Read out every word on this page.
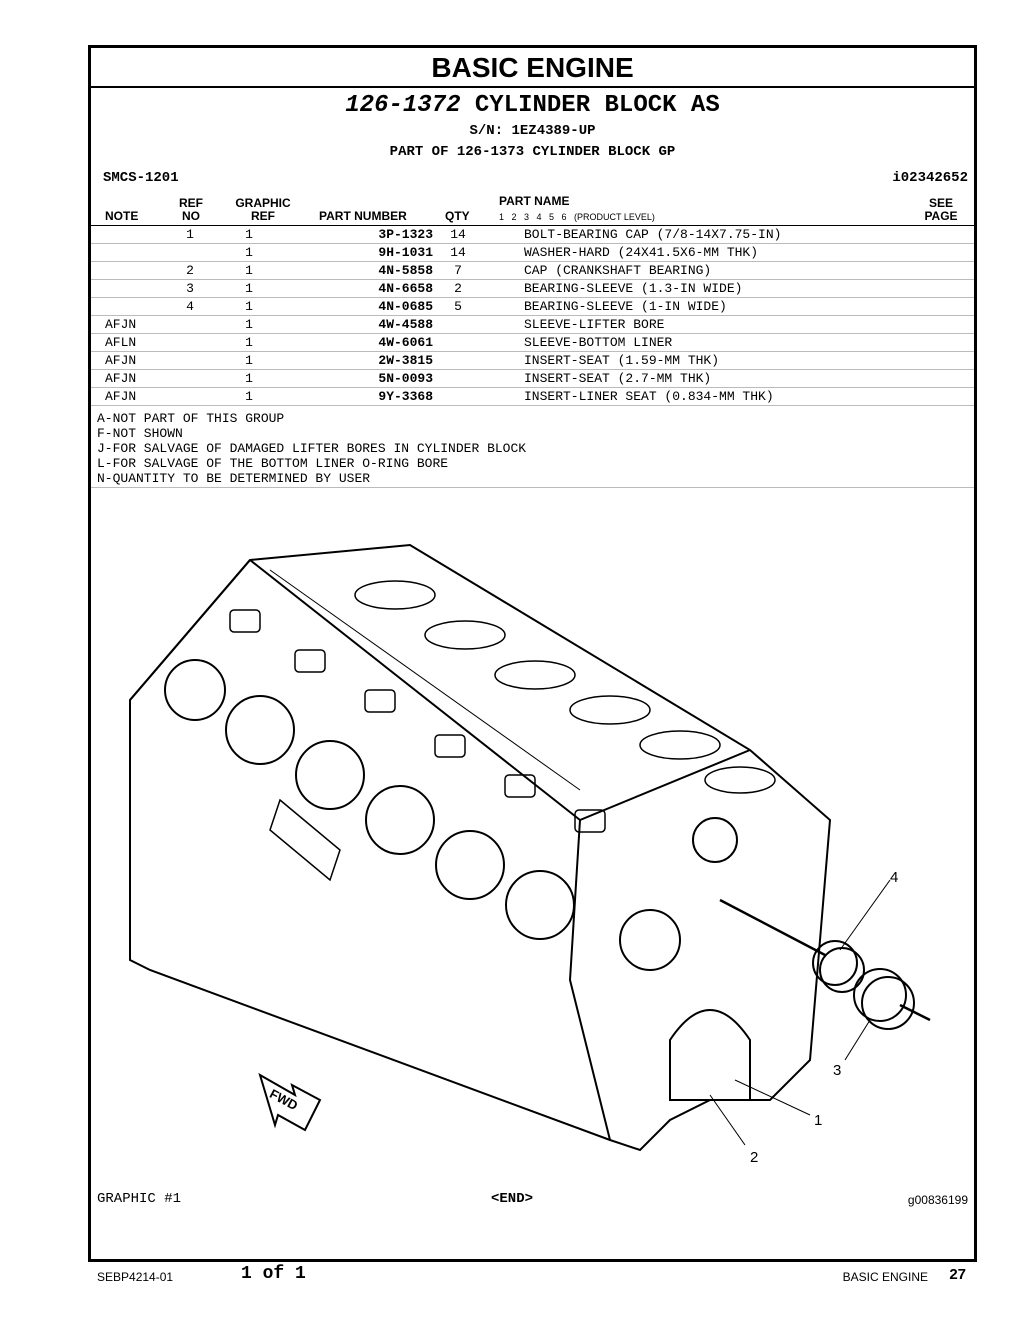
BASIC ENGINE
126-1372 CYLINDER BLOCK AS
S/N: 1EZ4389-UP
PART OF 126-1373 CYLINDER BLOCK GP
SMCS-1201	i02342652
NOTE
REF
NO
GRAPHIC
REF	PART NUMBER	QTY
PART NAME
1   2   3   4   5   6   (PRODUCT LEVEL)
SEE
PAGE
	1	1	3P-1323	14	BOLT-BEARING CAP (7/8-14X7.75-IN)
		1	9H-1031	14	WASHER-HARD (24X41.5X6-MM THK)
	2	1	4N-5858	7	CAP (CRANKSHAFT BEARING)
	3	1	4N-6658	2	BEARING-SLEEVE (1.3-IN WIDE)
	4	1	4N-0685	5	BEARING-SLEEVE (1-IN WIDE)
AFJN		1	4W-4588		SLEEVE-LIFTER BORE
AFLN		1	4W-6061		SLEEVE-BOTTOM LINER
AFJN		1	2W-3815		INSERT-SEAT (1.59-MM THK)
AFJN		1	5N-0093		INSERT-SEAT (2.7-MM THK)
AFJN		1	9Y-3368		INSERT-LINER SEAT (0.834-MM THK)
A-NOT PART OF THIS GROUP
F-NOT SHOWN
J-FOR SALVAGE OF DAMAGED LIFTER BORES IN CYLINDER BLOCK
L-FOR SALVAGE OF THE BOTTOM LINER O-RING BORE
N-QUANTITY TO BE DETERMINED BY USER
GRAPHIC #1	<END>	g00836199
4
3
1
2
FWD
SEBP4214-01	1 of 1	BASIC ENGINE 27
